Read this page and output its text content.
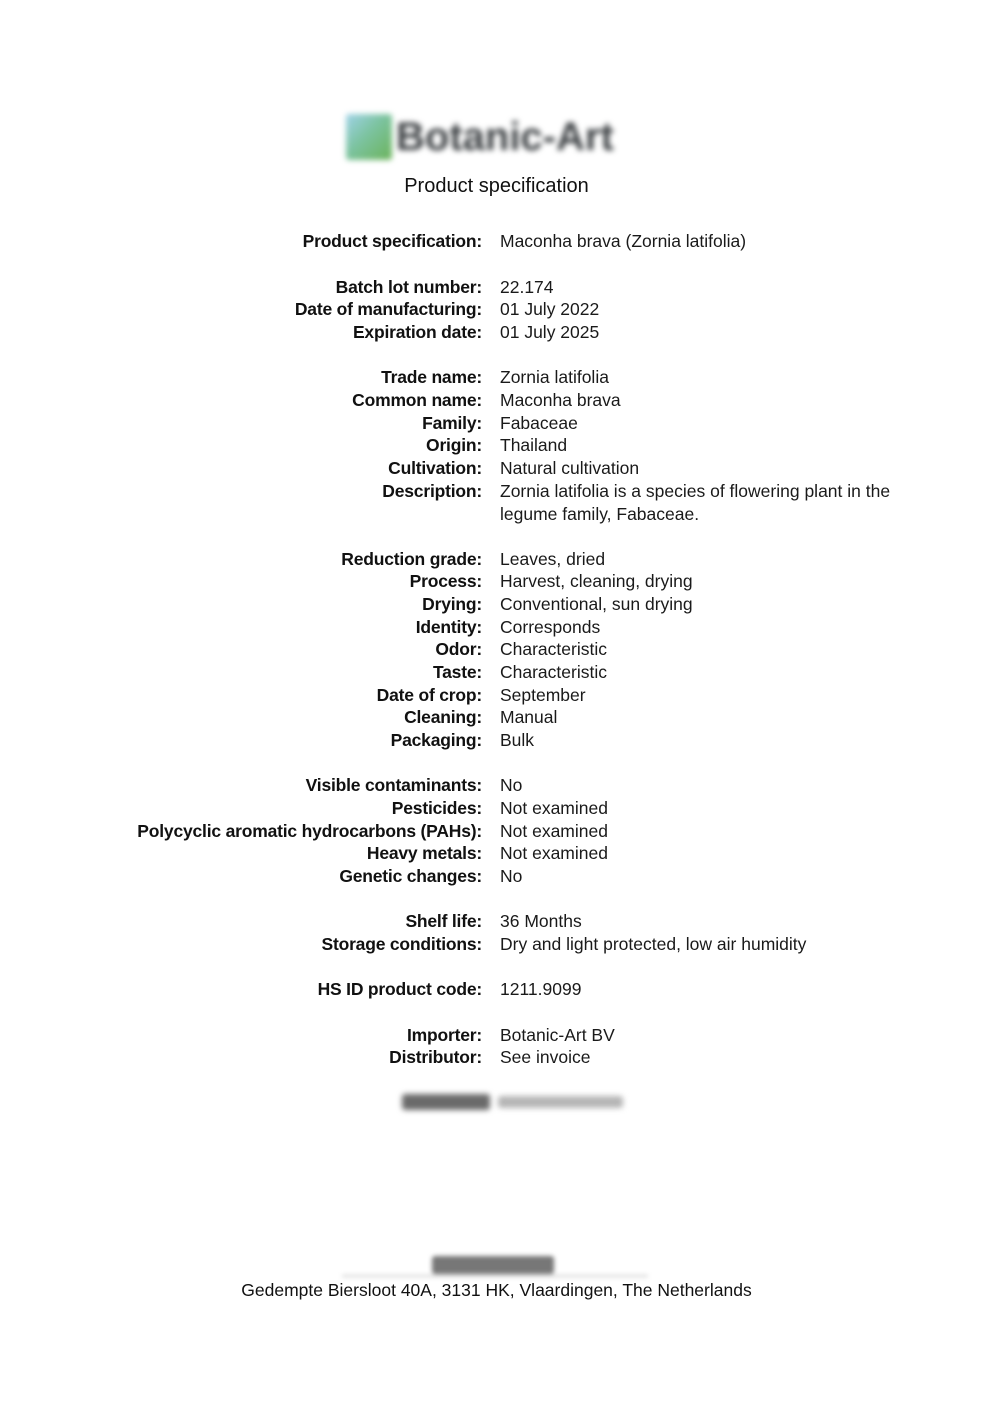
Botanic-Art
Product specification
Product specification: Maconha brava (Zornia latifolia)
Batch lot number: 22.174
Date of manufacturing: 01 July 2022
Expiration date: 01 July 2025
Trade name: Zornia latifolia
Common name: Maconha brava
Family: Fabaceae
Origin: Thailand
Cultivation: Natural cultivation
Description: Zornia latifolia is a species of flowering plant in the legume family, Fabaceae.
Reduction grade: Leaves, dried
Process: Harvest, cleaning, drying
Drying: Conventional, sun drying
Identity: Corresponds
Odor: Characteristic
Taste: Characteristic
Date of crop: September
Cleaning: Manual
Packaging: Bulk
Visible contaminants: No
Pesticides: Not examined
Polycyclic aromatic hydrocarbons (PAHs): Not examined
Heavy metals: Not examined
Genetic changes: No
Shelf life: 36 Months
Storage conditions: Dry and light protected, low air humidity
HS ID product code: 1211.9099
Importer: Botanic-Art BV
Distributor: See invoice
Gedempte Biersloot 40A, 3131 HK, Vlaardingen, The Netherlands
